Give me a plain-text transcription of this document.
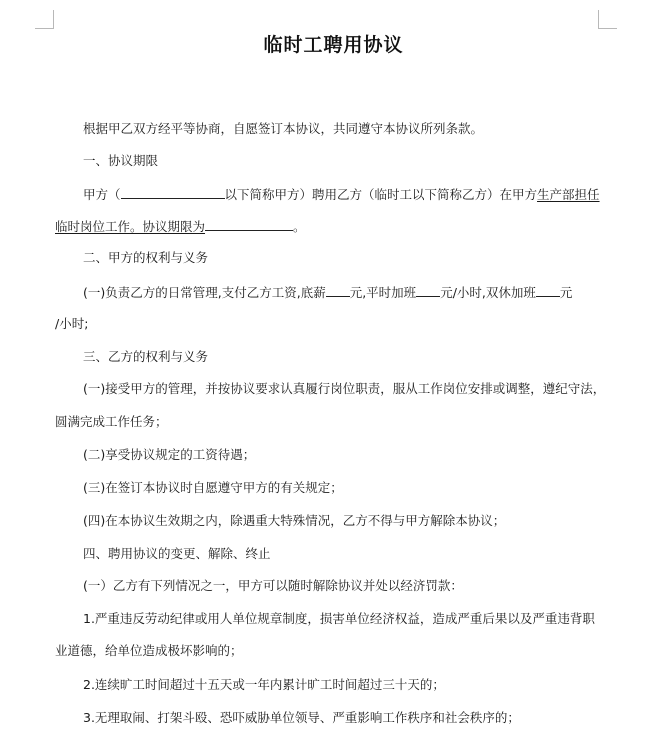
临时工聘用协议
根据甲乙双方经平等协商，自愿签订本协议，共同遵守本协议所列条款。
一、协议期限
甲方（	以下简称甲方）聘用乙方（临时工以下简称乙方）在甲方生产部担任
临时岗位工作。协议期限为	。
二、甲方的权利与义务
(一)负责乙方的日常管理,支付乙方工资,底薪 元,平时加班 元/小时,双休加班 元
/小时;
三、乙方的权利与义务
(一)接受甲方的管理，并按协议要求认真履行岗位职责，服从工作岗位安排或调整，遵纪守法，
圆满完成工作任务；
(二)享受协议规定的工资待遇；
(三)在签订本协议时自愿遵守甲方的有关规定；
(四)在本协议生效期之内，除遇重大特殊情况，乙方不得与甲方解除本协议；
四、聘用协议的变更、解除、终止
(一）乙方有下列情况之一，甲方可以随时解除协议并处以经济罚款：
1.严重违反劳动纪律或用人单位规章制度，损害单位经济权益，造成严重后果以及严重违背职
业道德，给单位造成极坏影响的；
2.连续旷工时间超过十五天或一年内累计旷工时间超过三十天的；
3.无理取闹、打架斗殴、恐吓威胁单位领导、严重影响工作秩序和社会秩序的；
